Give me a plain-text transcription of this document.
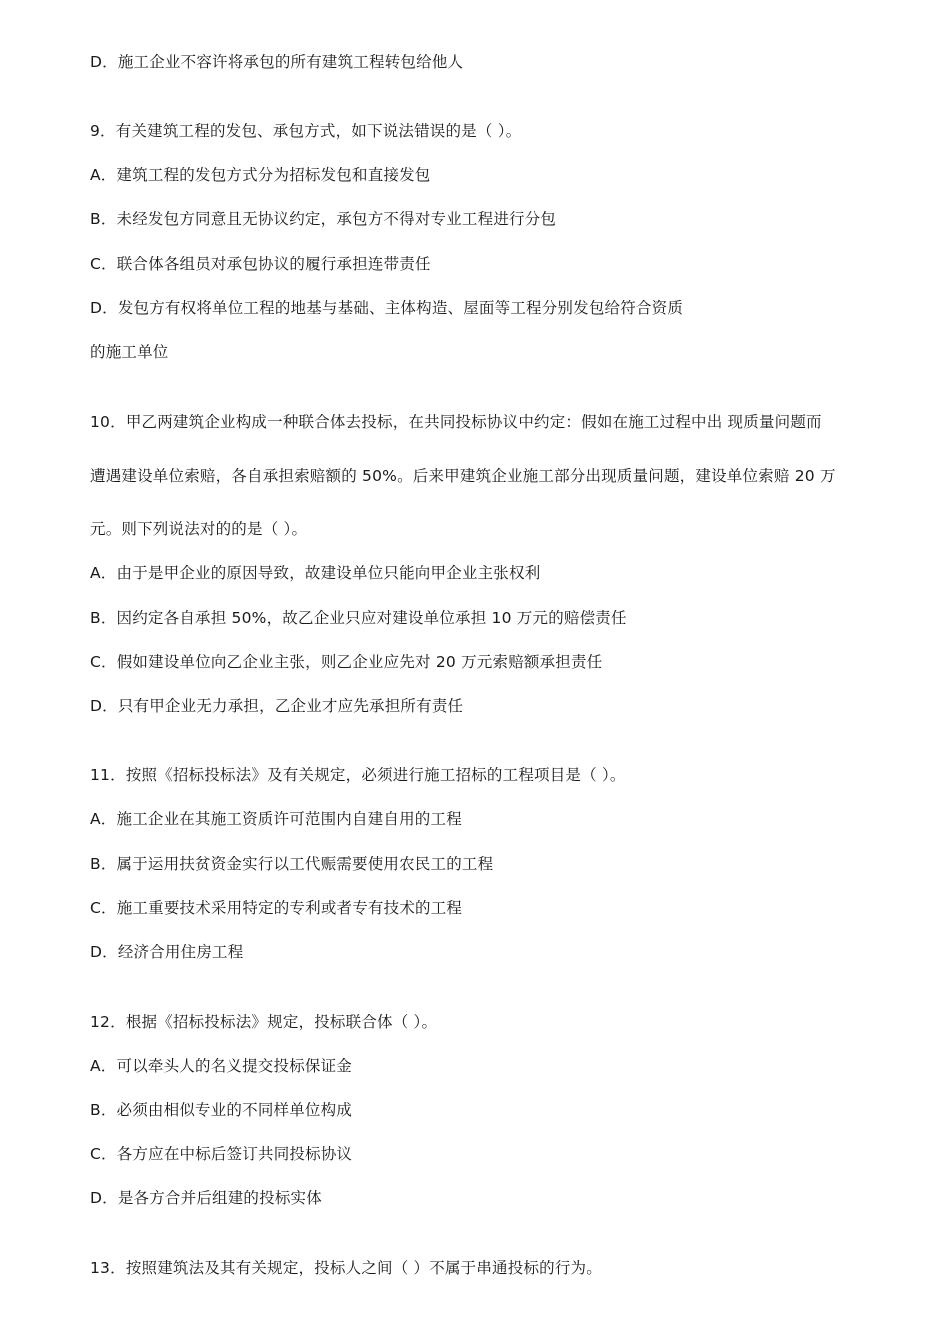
D．施工企业不容许将承包的所有建筑工程转包给他人
9．有关建筑工程的发包、承包方式，如下说法错误的是（ ）。
A．建筑工程的发包方式分为招标发包和直接发包
B．未经发包方同意且无协议约定，承包方不得对专业工程进行分包
C．联合体各组员对承包协议的履行承担连带责任
D．发包方有权将单位工程的地基与基础、主体构造、屋面等工程分别发包给符合资质
的施工单位
10．甲乙两建筑企业构成一种联合体去投标，在共同投标协议中约定：假如在施工过程中出 现质量问题而
遭遇建设单位索赔，各自承担索赔额的 50%。后来甲建筑企业施工部分出现质量问题，建设单位索赔 20 万
元。则下列说法对的的是（ ）。
A．由于是甲企业的原因导致，故建设单位只能向甲企业主张权利
B．因约定各自承担 50%，故乙企业只应对建设单位承担 10 万元的赔偿责任
C．假如建设单位向乙企业主张，则乙企业应先对 20 万元索赔额承担责任
D．只有甲企业无力承担，乙企业才应先承担所有责任
11．按照《招标投标法》及有关规定，必须进行施工招标的工程项目是（ ）。
A．施工企业在其施工资质许可范围内自建自用的工程
B．属于运用扶贫资金实行以工代赈需要使用农民工的工程
C．施工重要技术采用特定的专利或者专有技术的工程
D．经济合用住房工程
12．根据《招标投标法》规定，投标联合体（ ）。
A．可以牵头人的名义提交投标保证金
B．必须由相似专业的不同样单位构成
C．各方应在中标后签订共同投标协议
D．是各方合并后组建的投标实体
13．按照建筑法及其有关规定，投标人之间（ ）不属于串通投标的行为。
